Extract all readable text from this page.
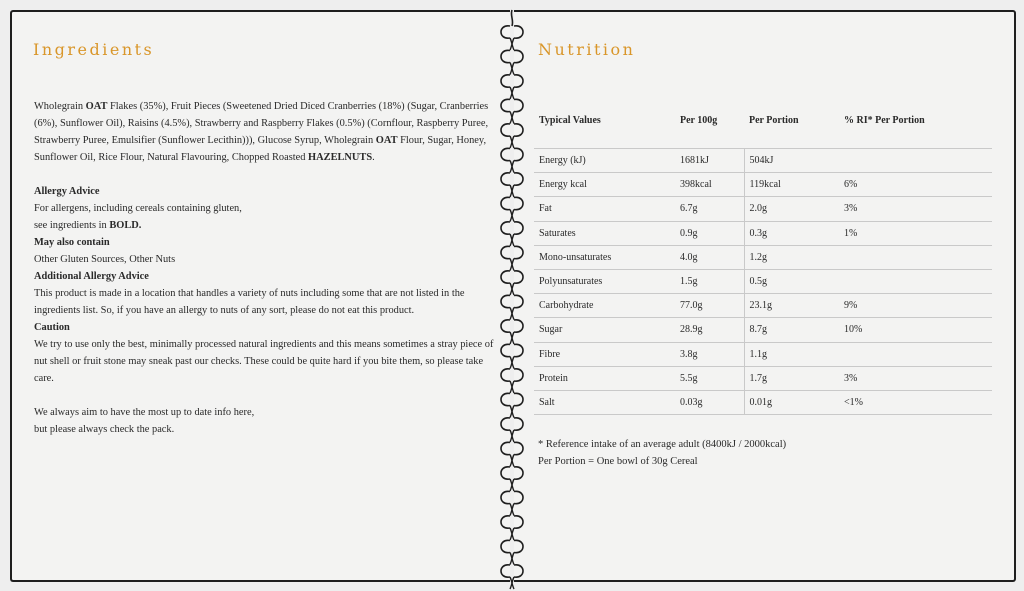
Ingredients

Wholegrain OAT Flakes (35%), Fruit Pieces (Sweetened Dried Diced Cranberries (18%) (Sugar, Cranberries (6%), Sunflower Oil), Raisins (4.5%), Strawberry and Raspberry Flakes (0.5%) (Cornflour, Raspberry Puree, Strawberry Puree, Emulsifier (Sunflower Lecithin))), Glucose Syrup, Wholegrain OAT Flour, Sugar, Honey, Sunflower Oil, Rice Flour, Natural Flavouring, Chopped Roasted HAZELNUTS.

Allergy Advice

For allergens, including cereals containing gluten,

see ingredients in BOLD.

May also contain

Other Gluten Sources, Other Nuts

Additional Allergy Advice

This product is made in a location that handles a variety of nuts including some that are not listed in the ingredients list. So, if you have an allergy to nuts of any sort, please do not eat this product.

Caution

We try to use only the best, minimally processed natural ingredients and this means sometimes a stray piece of nut shell or fruit stone may sneak past our checks. These could be quite hard if you bite them, so please take care.

We always aim to have the most up to date info here,

but please always check the pack.

Nutrition
Typical Values	Per 100g	Per Portion	% RI* Per Portion

Energy (kJ)	1681kJ	504kJ	
Energy kcal	398kcal	119kcal	6%
Fat	6.7g	2.0g	3%
Saturates	0.9g	0.3g	1%
Mono-unsaturates	4.0g	1.2g	
Polyunsaturates	1.5g	0.5g	
Carbohydrate	77.0g	23.1g	9%
Sugar	28.9g	8.7g	10%
Fibre	3.8g	1.1g	
Protein	5.5g	1.7g	3%
Salt	0.03g	0.01g	<1%
* Reference intake of an average adult (8400kJ / 2000kcal)
Per Portion = One bowl of 30g Cereal
